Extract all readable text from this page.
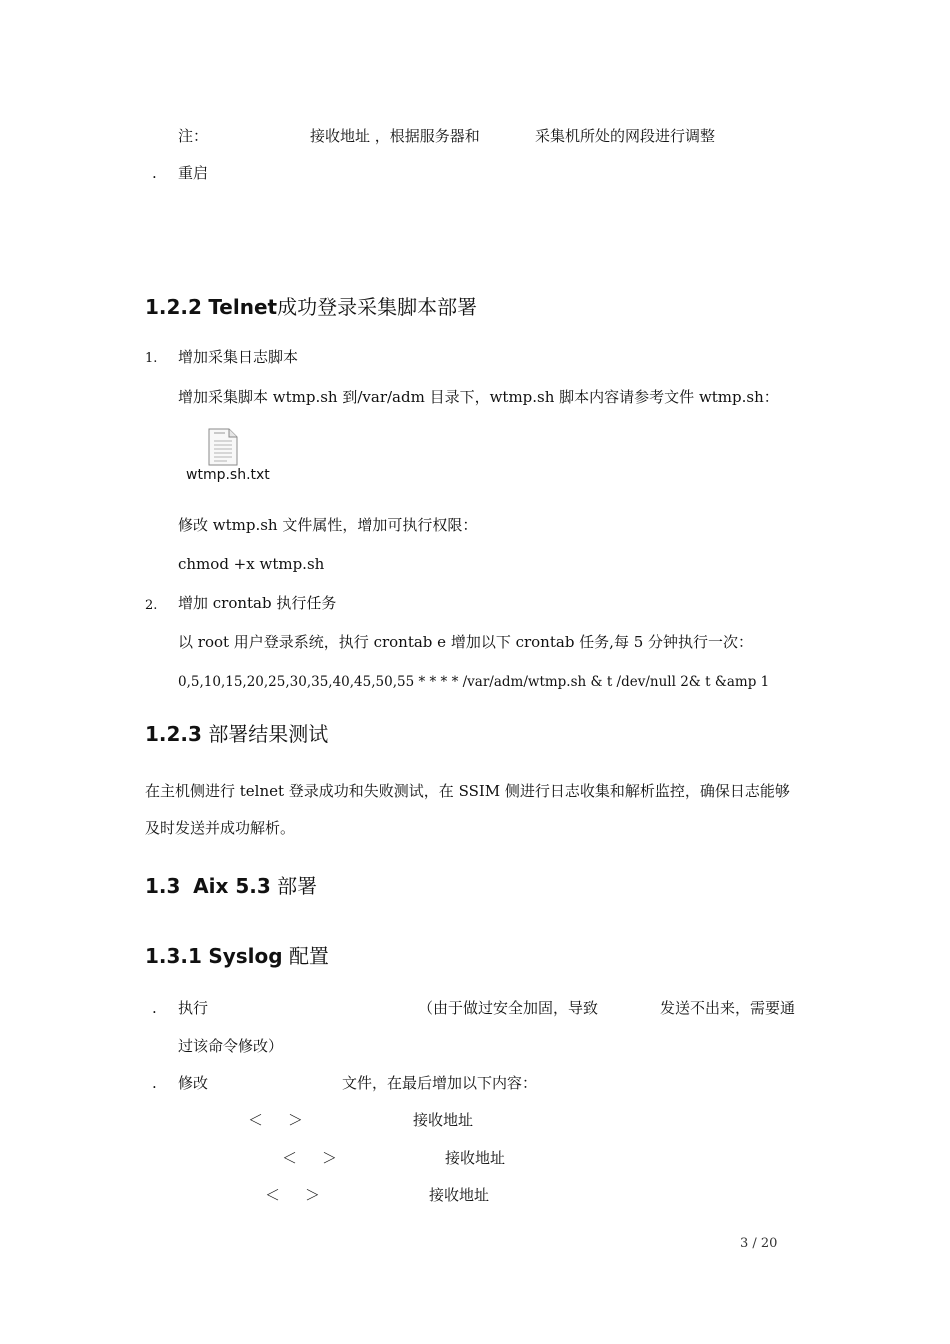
注：	接收地址 ，根据服务器和	采集机所处的网段进行调整
. 重启
1.2.2 Telnet成功登录采集脚本部署
1. 增加采集日志脚本
增加采集脚本 wtmp.sh 到/var/adm 目录下，wtmp.sh 脚本内容请参考文件 wtmp.sh：
wtmp.sh.txt
修改 wtmp.sh 文件属性，增加可执行权限：
chmod +x wtmp.sh
2. 增加 crontab 执行任务
以 root 用户登录系统，执行 crontab e 增加以下 crontab 任务,每 5 分钟执行一次：
0,5,10,15,20,25,30,35,40,45,50,55 * * * * /var/adm/wtmp.sh & t /dev/null 2& t &amp 1
1.2.3 部署结果测试
在主机侧进行 telnet 登录成功和失败测试，在 SSIM 侧进行日志收集和解析监控，确保日志能够
及时发送并成功解析。
1.3 Aix 5.3 部署
1.3.1 Syslog 配置
. 执行	（由于做过安全加固，导致	发送不出来，需要通
过该命令修改）
. 修改	文件，在最后增加以下内容：
＜ ＞	接收地址
＜ ＞	接收地址
＜ ＞	接收地址
3 / 20
